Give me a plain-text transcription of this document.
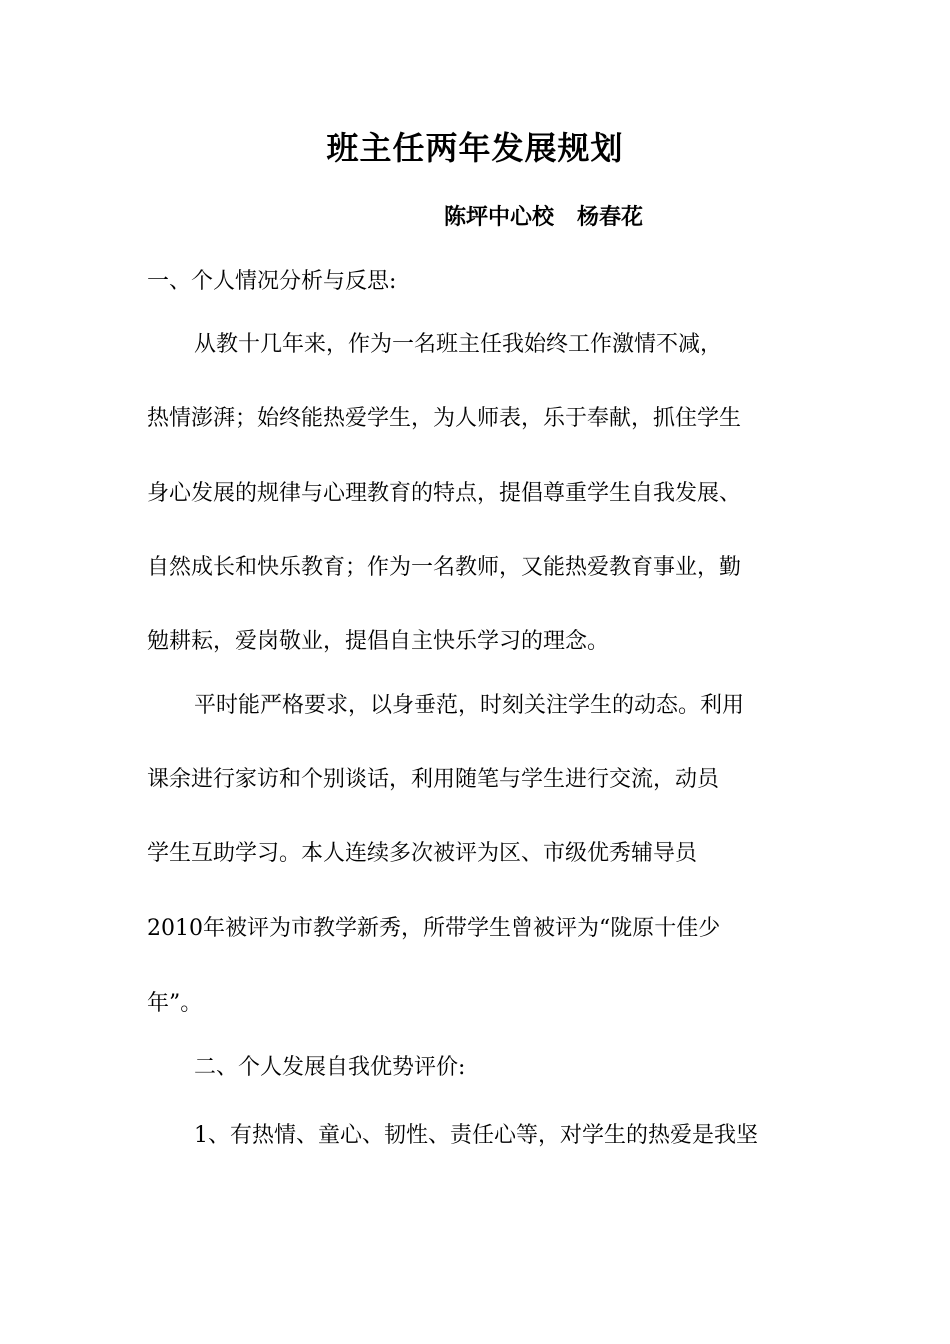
班主任两年发展规划
陈坪中心校   杨春花
一、个人情况分析与反思:
从教十几年来，作为一名班主任我始终工作激情不减，
热情澎湃；始终能热爱学生，为人师表，乐于奉献，抓住学生
身心发展的规律与心理教育的特点，提倡尊重学生自我发展、
自然成长和快乐教育；作为一名教师，又能热爱教育事业，勤
勉耕耘，爱岗敬业，提倡自主快乐学习的理念。
平时能严格要求，以身垂范，时刻关注学生的动态。利用
课余进行家访和个别谈话，利用随笔与学生进行交流，动员
学生互助学习。本人连续多次被评为区、市级优秀辅导员
2010年被评为市教学新秀，所带学生曾被评为“陇原十佳少
年”。
二、个人发展自我优势评价:
1、有热情、童心、韧性、责任心等，对学生的热爱是我坚
